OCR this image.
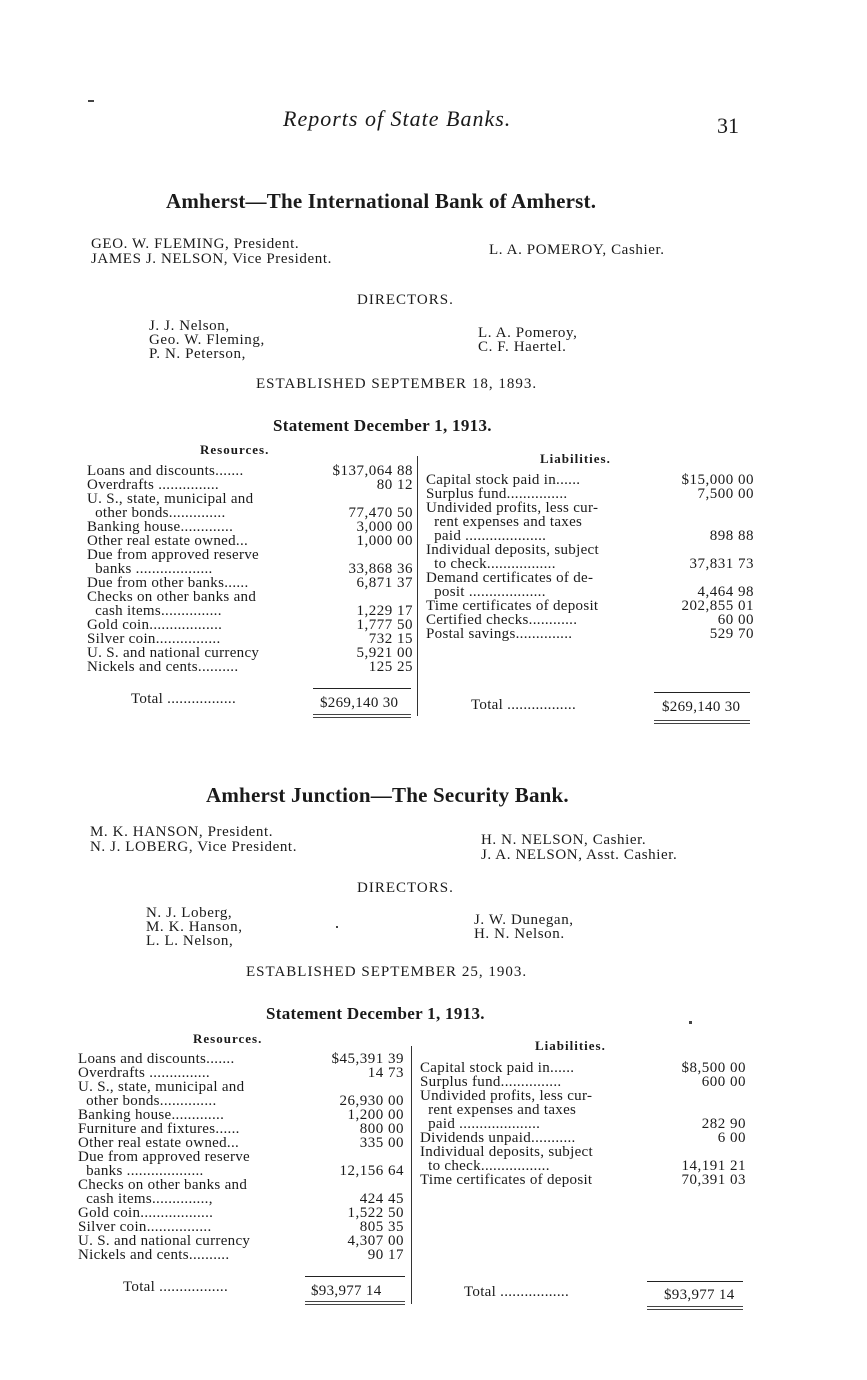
Reports of State Banks.	31
Amherst—The International Bank of Amherst.
GEO. W. FLEMING, President.
JAMES J. NELSON, Vice President.
L. A. POMEROY, Cashier.
DIRECTORS.
J. J. Nelson,
Geo. W. Fleming,
P. N. Peterson,
L. A. Pomeroy,
C. F. Haertel.
ESTABLISHED SEPTEMBER 18, 1893.
Statement December 1, 1913.
Resources.
Liabilities.
Loans and discounts.......	$137,064 88
Overdrafts ...............	80 12
U. S., state, municipal and
other bonds..............	77,470 50
Banking house.............	3,000 00
Other real estate owned...	1,000 00
Due from approved reserve
banks ...................	33,868 36
Due from other banks......	6,871 37
Checks on other banks and
cash items...............	1,229 17
Gold coin..................	1,777 50
Silver coin................	732 15
U. S. and national currency	5,921 00
Nickels and cents..........	125 25
Capital stock paid in......	$15,000 00
Surplus fund...............	7,500 00
Undivided profits, less cur-
rent expenses and taxes
paid ....................	898 88
Individual deposits, subject
to check.................	37,831 73
Demand certificates of de-
posit ...................	4,464 98
Time certificates of deposit	202,855 01
Certified checks............	60 00
Postal savings..............	529 70
Total .................	$269,140 30	Total .................	$269,140 30
Amherst Junction—The Security Bank.
M. K. HANSON, President.
N. J. LOBERG, Vice President.	H. N. NELSON, Cashier.
J. A. NELSON, Asst. Cashier.
DIRECTORS.
N. J. Loberg,
M. K. Hanson,
L. L. Nelson,
J. W. Dunegan,
H. N. Nelson.
ESTABLISHED SEPTEMBER 25, 1903.
Statement December 1, 1913.
Resources.	Liabilities.
Loans and discounts.......	$45,391 39
Overdrafts ...............	14 73
U. S., state, municipal and
other bonds..............	26,930 00
Banking house.............	1,200 00
Furniture and fixtures......	800 00
Other real estate owned...	335 00
Due from approved reserve
banks ...................	12,156 64
Checks on other banks and
cash items..............,	424 45
Gold coin..................	1,522 50
Silver coin................	805 35
U. S. and national currency	4,307 00
Nickels and cents..........	90 17
Capital stock paid in......	$8,500 00
Surplus fund...............	600 00
Undivided profits, less cur-
rent expenses and taxes
paid ....................	282 90
Dividends unpaid...........	6 00
Individual deposits, subject
to check.................	14,191 21
Time certificates of deposit	70,391 03
Total .................	$93,977 14	Total .................	$93,977 14
